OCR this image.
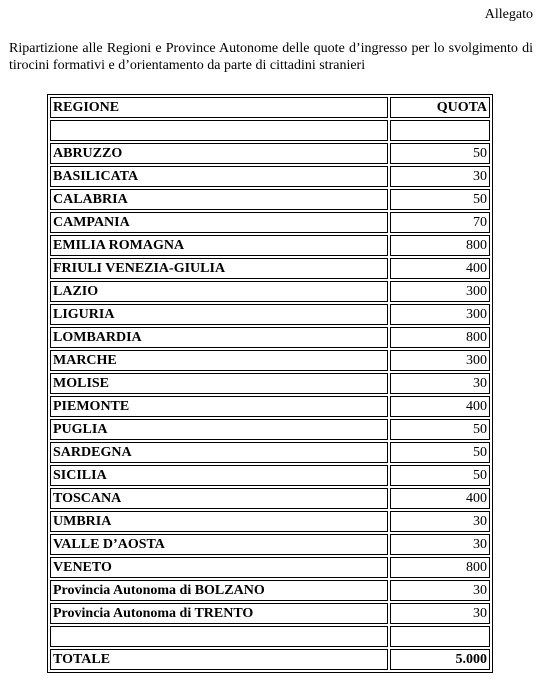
Allegato
Ripartizione alle Regioni e Province Autonome delle quote d’ingresso per lo svolgimento di tirocini formativi e d’orientamento da parte di cittadini stranieri
REGIONE	QUOTA

ABRUZZO	50
BASILICATA	30
CALABRIA	50
CAMPANIA	70
EMILIA ROMAGNA	800
FRIULI VENEZIA-GIULIA	400
LAZIO	300
LIGURIA	300
LOMBARDIA	800
MARCHE	300
MOLISE	30
PIEMONTE	400
PUGLIA	50
SARDEGNA	50
SICILIA	50
TOSCANA	400
UMBRIA	30
VALLE D’AOSTA	30
VENETO	800
Provincia Autonoma di BOLZANO	30
Provincia Autonoma di TRENTO	30

TOTALE	5.000
